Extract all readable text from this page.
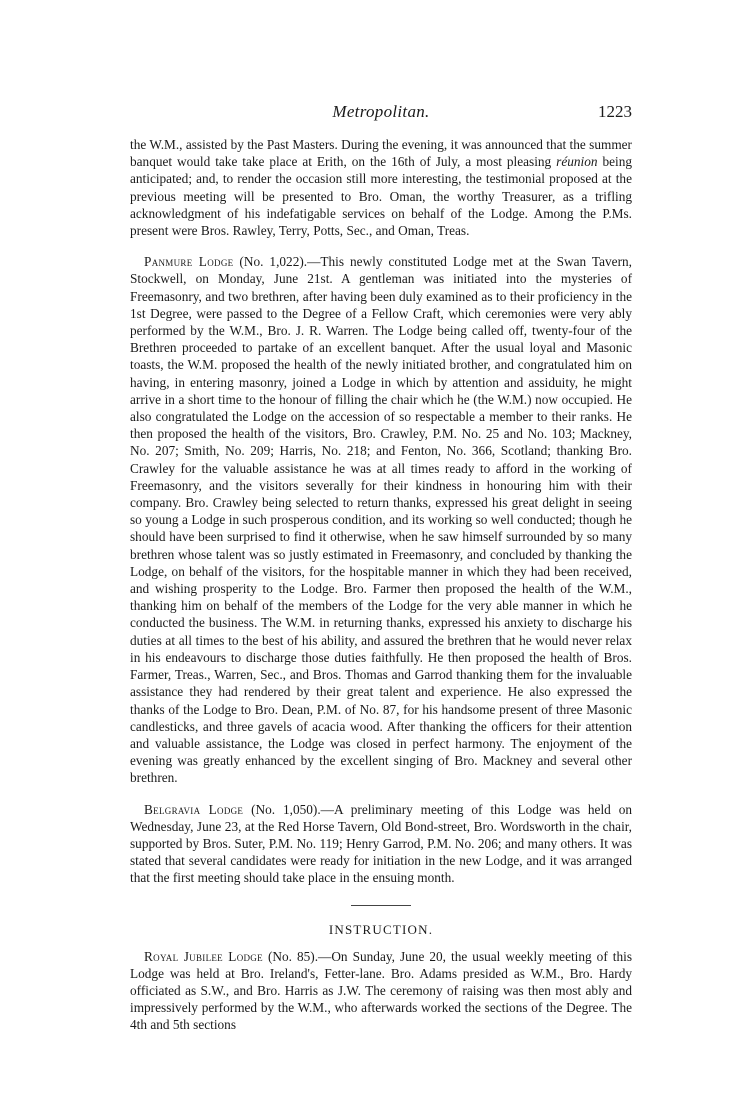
Metropolitan.	1223

the W.M., assisted by the Past Masters. During the evening, it was announced that the summer banquet would take take place at Erith, on the 16th of July, a most pleasing réunion being anticipated; and, to render the occasion still more interesting, the testimonial proposed at the previous meeting will be presented to Bro. Oman, the worthy Treasurer, as a trifling acknowledgment of his indefatigable services on behalf of the Lodge. Among the P.Ms. present were Bros. Rawley, Terry, Potts, Sec., and Oman, Treas.

Panmure Lodge (No. 1,022).—This newly constituted Lodge met at the Swan Tavern, Stockwell, on Monday, June 21st. A gentleman was initiated into the mysteries of Freemasonry, and two brethren, after having been duly examined as to their proficiency in the 1st Degree, were passed to the Degree of a Fellow Craft, which ceremonies were very ably performed by the W.M., Bro. J. R. Warren. The Lodge being called off, twenty-four of the Brethren proceeded to partake of an excellent banquet. After the usual loyal and Masonic toasts, the W.M. proposed the health of the newly initiated brother, and congratulated him on having, in entering masonry, joined a Lodge in which by attention and assiduity, he might arrive in a short time to the honour of filling the chair which he (the W.M.) now occupied. He also congratulated the Lodge on the accession of so respectable a member to their ranks. He then proposed the health of the visitors, Bro. Crawley, P.M. No. 25 and No. 103; Mackney, No. 207; Smith, No. 209; Harris, No. 218; and Fenton, No. 366, Scotland; thanking Bro. Crawley for the valuable assistance he was at all times ready to afford in the working of Freemasonry, and the visitors severally for their kindness in honouring him with their company. Bro. Crawley being selected to return thanks, expressed his great delight in seeing so young a Lodge in such prosperous condition, and its working so well conducted; though he should have been surprised to find it otherwise, when he saw himself surrounded by so many brethren whose talent was so justly estimated in Freemasonry, and concluded by thanking the Lodge, on behalf of the visitors, for the hospitable manner in which they had been received, and wishing prosperity to the Lodge. Bro. Farmer then proposed the health of the W.M., thanking him on behalf of the members of the Lodge for the very able manner in which he conducted the business. The W.M. in returning thanks, expressed his anxiety to discharge his duties at all times to the best of his ability, and assured the brethren that he would never relax in his endeavours to discharge those duties faithfully. He then proposed the health of Bros. Farmer, Treas., Warren, Sec., and Bros. Thomas and Garrod thanking them for the invaluable assistance they had rendered by their great talent and experience. He also expressed the thanks of the Lodge to Bro. Dean, P.M. of No. 87, for his handsome present of three Masonic candlesticks, and three gavels of acacia wood. After thanking the officers for their attention and valuable assistance, the Lodge was closed in perfect harmony. The enjoyment of the evening was greatly enhanced by the excellent singing of Bro. Mackney and several other brethren.

Belgravia Lodge (No. 1,050).—A preliminary meeting of this Lodge was held on Wednesday, June 23, at the Red Horse Tavern, Old Bond-street, Bro. Wordsworth in the chair, supported by Bros. Suter, P.M. No. 119; Henry Garrod, P.M. No. 206; and many others. It was stated that several candidates were ready for initiation in the new Lodge, and it was arranged that the first meeting should take place in the ensuing month.

INSTRUCTION.

Royal Jubilee Lodge (No. 85).—On Sunday, June 20, the usual weekly meeting of this Lodge was held at Bro. Ireland's, Fetter-lane. Bro. Adams presided as W.M., Bro. Hardy officiated as S.W., and Bro. Harris as J.W. The ceremony of raising was then most ably and impressively performed by the W.M., who afterwards worked the sections of the Degree. The 4th and 5th sections
